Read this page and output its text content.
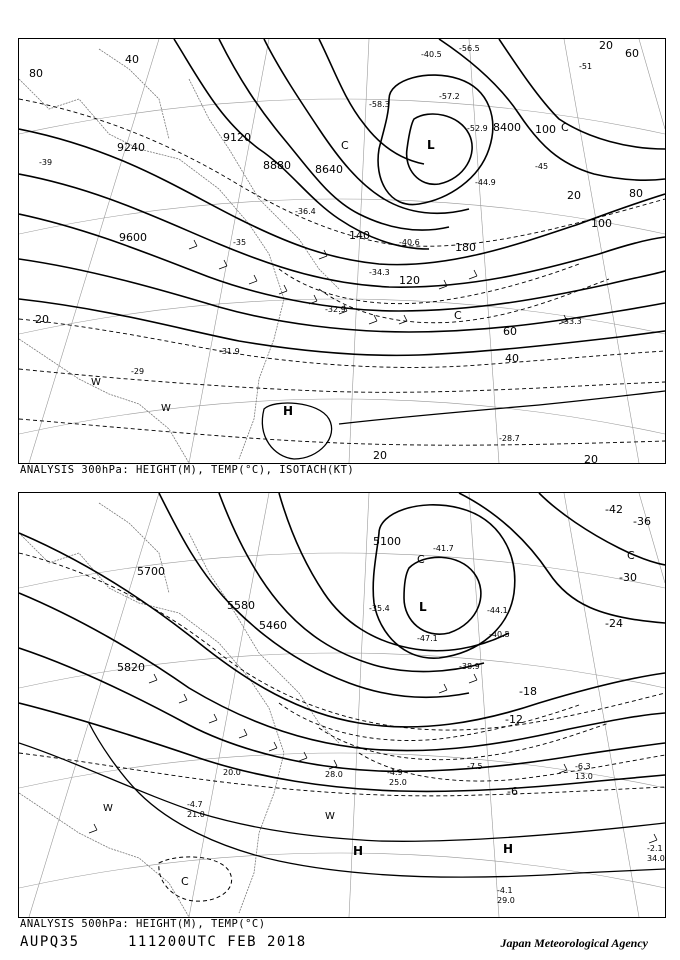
9240
9120
8880 8640
8400
9600
80
40
20
60
100
140
180
120
20
40
60
80
100
20
20	20
-57.2
-52.9
-51
-45
-39
-35
-34.3
-33.3
-32.9
-31.9
-29
-28.7
-40.5
-56.5
-58.3
-44.9
-36.4
-40.6
L
H
C
C
W
W
C
ANALYSIS 300hPa: HEIGHT(M), TEMP(°C), ISOTACH(KT)
5700
5580
5460
5820
5100
-42
-36
-30
-24
-18
-12
-6
-7.5	-6.3
-4.9
-4.7
-2.1
-4.1
-47.1
-44.1
-41.7
-40.5
-38.9
-35.4
29.0
25.0
34.0
21.0
13.0
28.0
20.0
L
H	H
C
C
W
W
C
ANALYSIS 500hPa: HEIGHT(M), TEMP(°C)
AUPQ35	111200UTC FEB 2018	Japan Meteorological Agency
